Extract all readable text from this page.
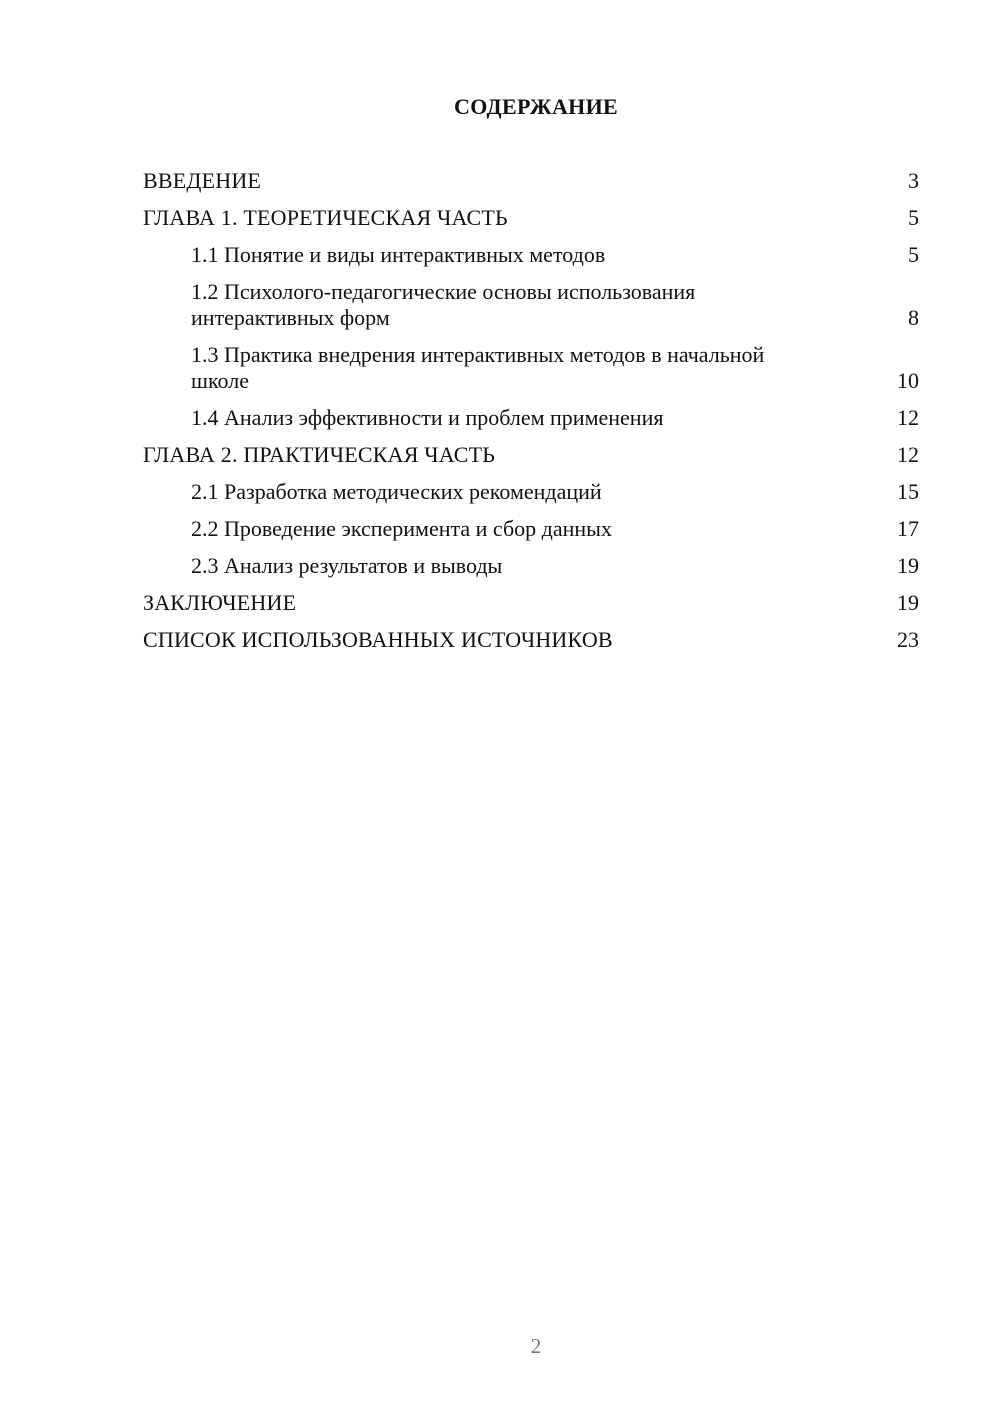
СОДЕРЖАНИЕ
ВВЕДЕНИЕ	3
ГЛАВА 1. ТЕОРЕТИЧЕСКАЯ ЧАСТЬ	5
1.1 Понятие и виды интерактивных методов	5
1.2 Психолого-педагогические основы использования интерактивных форм	8
1.3 Практика внедрения интерактивных методов в начальной школе	10
1.4 Анализ эффективности и проблем применения	12
ГЛАВА 2. ПРАКТИЧЕСКАЯ ЧАСТЬ	12
2.1 Разработка методических рекомендаций	15
2.2 Проведение эксперимента и сбор данных	17
2.3 Анализ результатов и выводы	19
ЗАКЛЮЧЕНИЕ	19
СПИСОК ИСПОЛЬЗОВАННЫХ ИСТОЧНИКОВ	23
2
